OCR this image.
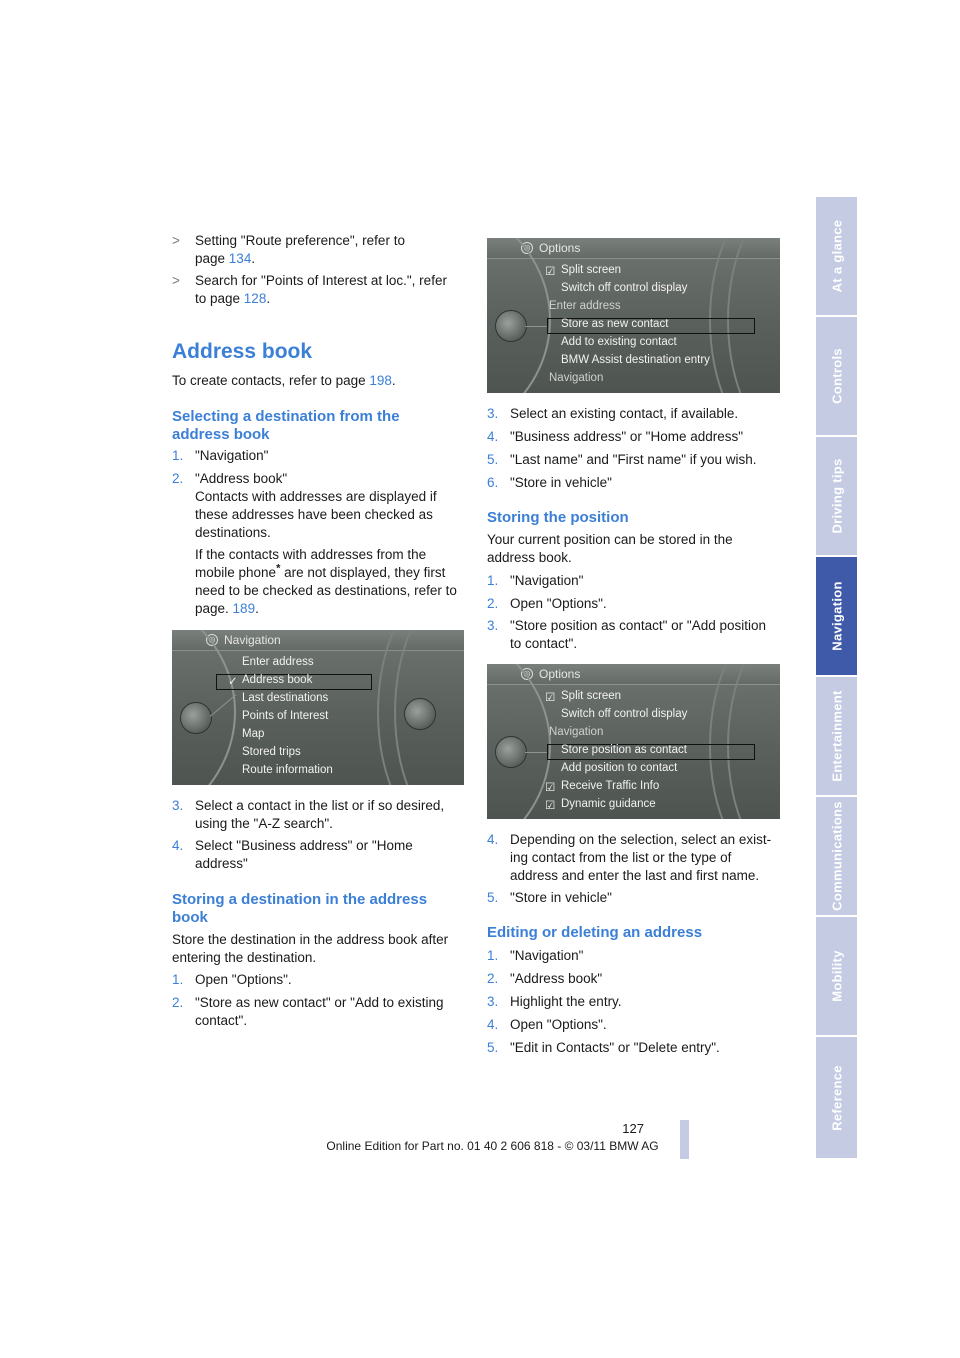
At a glance
Controls
Driving tips
Navigation
Entertainment
Communications
Mobility
Reference
> Setting "Route preference", refer to
page 134.
> Search for "Points of Interest at loc.", refer
to page 128.
Address book
To create contacts, refer to page 198.
Selecting a destination from the
address book
1. "Navigation"
2. "Address book"
Contacts with addresses are displayed if
these addresses have been checked as
destinations.
If the contacts with addresses from the
mobile phone* are not displayed, they first
need to be checked as destinations, refer to
page. 189.
◎ Navigation
Enter address
✓ Address book
Last destinations
Points of Interest
Map
Stored trips
Route information
3. Select a contact in the list or if so desired,
using the "A-Z search".
4. Select "Business address" or "Home
address"
Storing a destination in the address
book
Store the destination in the address book after
entering the destination.
1. Open "Options".
2. "Store as new contact" or "Add to existing
contact".
◎ Options
☑ Split screen
Switch off control display
Enter address
Store as new contact
Add to existing contact
BMW Assist destination entry
Navigation
3. Select an existing contact, if available.
4. "Business address" or "Home address"
5. "Last name" and "First name" if you wish.
6. "Store in vehicle"
Storing the position
Your current position can be stored in the
address book.
1. "Navigation"
2. Open "Options".
3. "Store position as contact" or "Add position
to contact".
◎ Options
☑ Split screen
Switch off control display
Navigation
Store position as contact
Add position to contact
☑ Receive Traffic Info
☑ Dynamic guidance
4. Depending on the selection, select an exist-
ing contact from the list or the type of
address and enter the last and first name.
5. "Store in vehicle"
Editing or deleting an address
1. "Navigation"
2. "Address book"
3. Highlight the entry.
4. Open "Options".
5. "Edit in Contacts" or "Delete entry".
127
Online Edition for Part no. 01 40 2 606 818 - © 03/11 BMW AG
